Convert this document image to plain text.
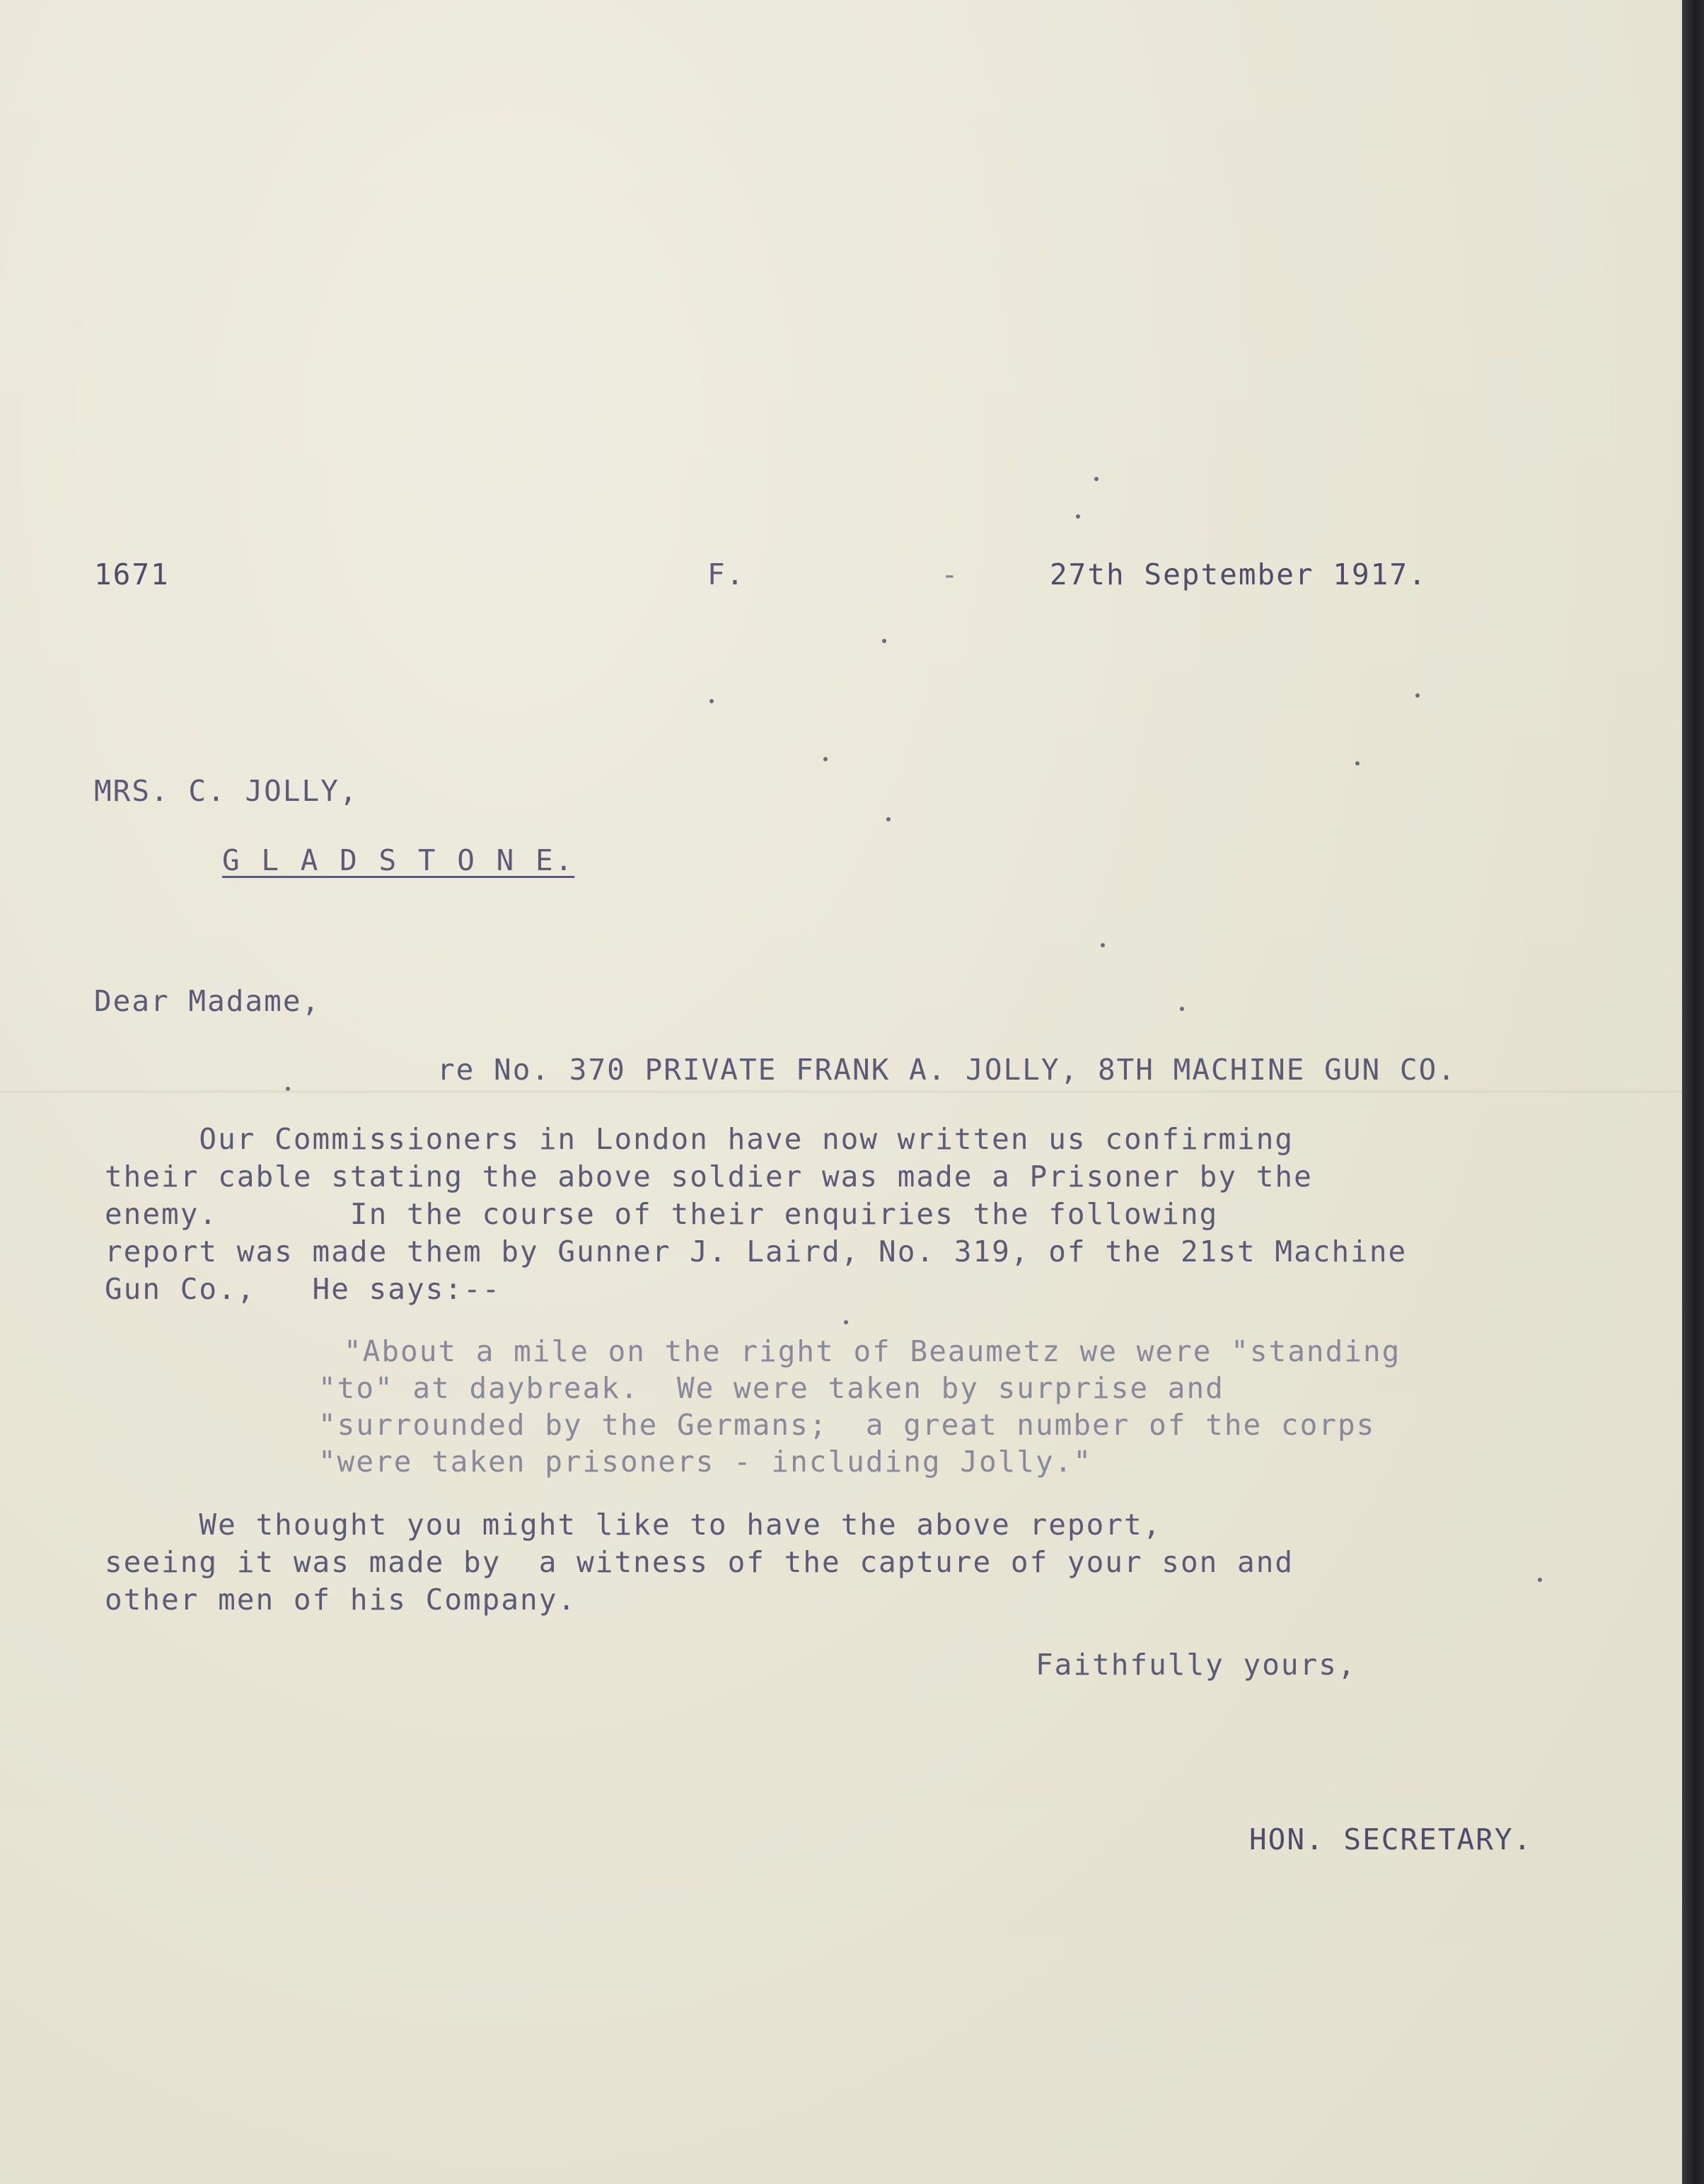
1671	F.	-	27th September 1917.
MRS. C. JOLLY,
G L A D S T O N E.
Dear Madame,
re No. 370 PRIVATE FRANK A. JOLLY, 8TH MACHINE GUN CO.
Our Commissioners in London have now written us confirming
their cable stating the above soldier was made a Prisoner by the
enemy.       In the course of their enquiries the following
report was made them by Gunner J. Laird, No. 319, of the 21st Machine
Gun Co.,   He says:--
"About a mile on the right of Beaumetz we were "standing
"to" at daybreak.  We were taken by surprise and
"surrounded by the Germans;  a great number of the corps
"were taken prisoners - including Jolly."
We thought you might like to have the above report,
seeing it was made by  a witness of the capture of your son and
other men of his Company.
Faithfully yours,
HON. SECRETARY.
